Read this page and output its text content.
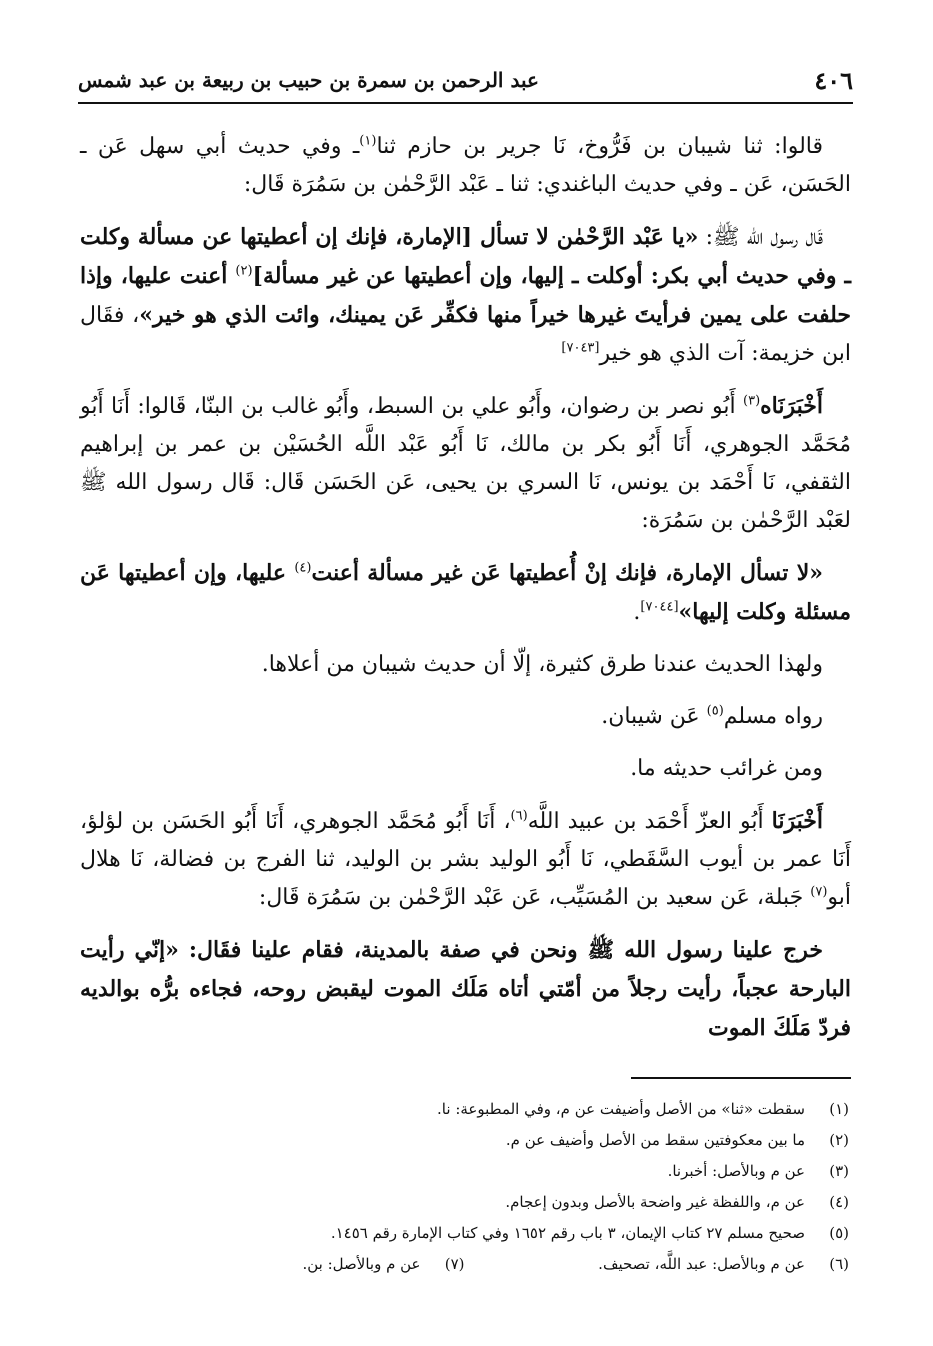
٤٠٦
عبد الرحمن بن سمرة بن حبيب بن ربيعة بن عبد شمس

قالوا: ثنا شيبان بن فَرُّوخ، نَا جرير بن حازم ثنا$^{(١)}$ـ وفي حديث أبي سهل عَن ـ الحَسَن، عَن ـ وفي حديث الباغندي: ثنا ـ عَبْد الرَّحْمٰن بن سَمُرَة قَال:

قَال رسول الله ﷺ: «يا عَبْد الرَّحْمٰن لا تسأل [الإمارة، فإنك إن أعطيتها عن مسألة وكلت ـ وفي حديث أبي بكر: أوكلت ـ إليها، وإن أعطيتها عن غير مسألة]$^{(٢)}$ أعنت عليها، وإذا حلفت على يمين فرأيتَ غيرها خيراً منها فكفِّر عَن يمينك، وائت الذي هو خير»، فقَال ابن خزيمة: آت الذي هو خير[٧٠٤٣]

أَخْبَرَنَاه$^{(٣)}$ أَبُو نصر بن رضوان، وأَبُو علي بن السبط، وأَبُو غالب بن البنّا، قَالوا: أَنَا أَبُو مُحَمَّد الجوهري، أَنَا أَبُو بكر بن مالك، نَا أَبُو عَبْد اللَّه الحُسَيْن بن عمر بن إبراهيم الثقفي، نَا أَحْمَد بن يونس، نَا السري بن يحيى، عَن الحَسَن قَال: قَال رسول الله ﷺ لعَبْد الرَّحْمٰن بن سَمُرَة:

«لا تسأل الإمارة، فإنك إنْ أُعطيتها عَن غير مسألة أعنت$^{(٤)}$ عليها، وإن أعطيتها عَن مسئلة وكلت إليها»[٧٠٤٤].

ولهذا الحديث عندنا طرق كثيرة، إلّا أن حديث شيبان من أعلاها.

رواه مسلم$^{(٥)}$ عَن شيبان.

ومن غرائب حديثه ما.

أَخْبَرَنَا أَبُو العزّ أَحْمَد بن عبيد اللَّه$^{(٦)}$، أَنَا أَبُو مُحَمَّد الجوهري، أَنَا أَبُو الحَسَن بن لؤلؤ، أَنَا عمر بن أيوب السَّقَطي، نَا أَبُو الوليد بشر بن الوليد، ثنا الفرج بن فضالة، نَا هلال أبو$^{(٧)}$ جَبلة، عَن سعيد بن المُسَيِّب، عَن عَبْد الرَّحْمٰن بن سَمُرَة قَال:

خرج علينا رسول الله ﷺ ونحن في صفة بالمدينة، فقام علينا فقَال: «إنّي رأيت البارحة عجباً، رأيت رجلاً من أمّتي أتاه مَلَك الموت ليقبض روحه، فجاءه برُّه بوالديه فردّ مَلَكَ الموت

(١)سقطت «ثنا» من الأصل وأضيفت عن م، وفي المطبوعة: نا.
(٢)ما بين معكوفتين سقط من الأصل وأضيف عن م.
(٣)عن م وبالأصل: أخبرنا.
(٤)عن م، واللفظة غير واضحة بالأصل وبدون إعجام.
(٥)صحيح مسلم ٢٧ كتاب الإيمان، ٣ باب رقم ١٦٥٢ وفي كتاب الإمارة رقم ١٤٥٦.
(٦)عن م وبالأصل: عبد اللَّه، تصحيف.
(٧)عن م وبالأصل: بن.
